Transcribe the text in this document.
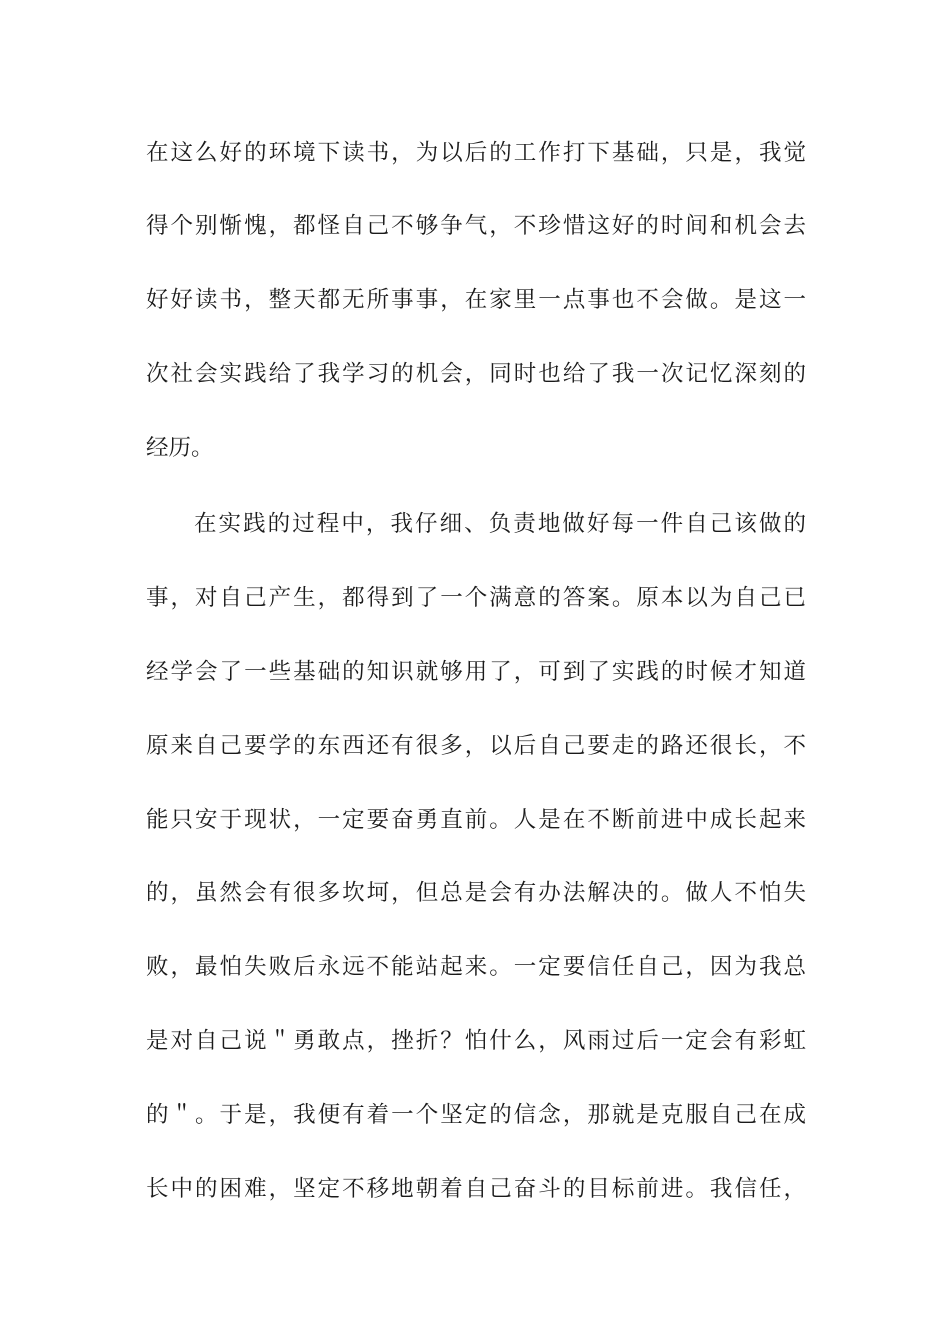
在这么好的环境下读书，为以后的工作打下基础，只是，我觉
得个别惭愧，都怪自己不够争气，不珍惜这好的时间和机会去
好好读书，整天都无所事事，在家里一点事也不会做。是这一
次社会实践给了我学习的机会，同时也给了我一次记忆深刻的
经历。
在实践的过程中，我仔细、负责地做好每一件自己该做的
事，对自己产生，都得到了一个满意的答案。原本以为自己已
经学会了一些基础的知识就够用了，可到了实践的时候才知道
原来自己要学的东西还有很多，以后自己要走的路还很长，不
能只安于现状，一定要奋勇直前。人是在不断前进中成长起来
的，虽然会有很多坎坷，但总是会有办法解决的。做人不怕失
败，最怕失败后永远不能站起来。一定要信任自己，因为我总
是对自己说＂勇敢点，挫折？怕什么，风雨过后一定会有彩虹
的＂。于是，我便有着一个坚定的信念，那就是克服自己在成
长中的困难，坚定不移地朝着自己奋斗的目标前进。我信任，
